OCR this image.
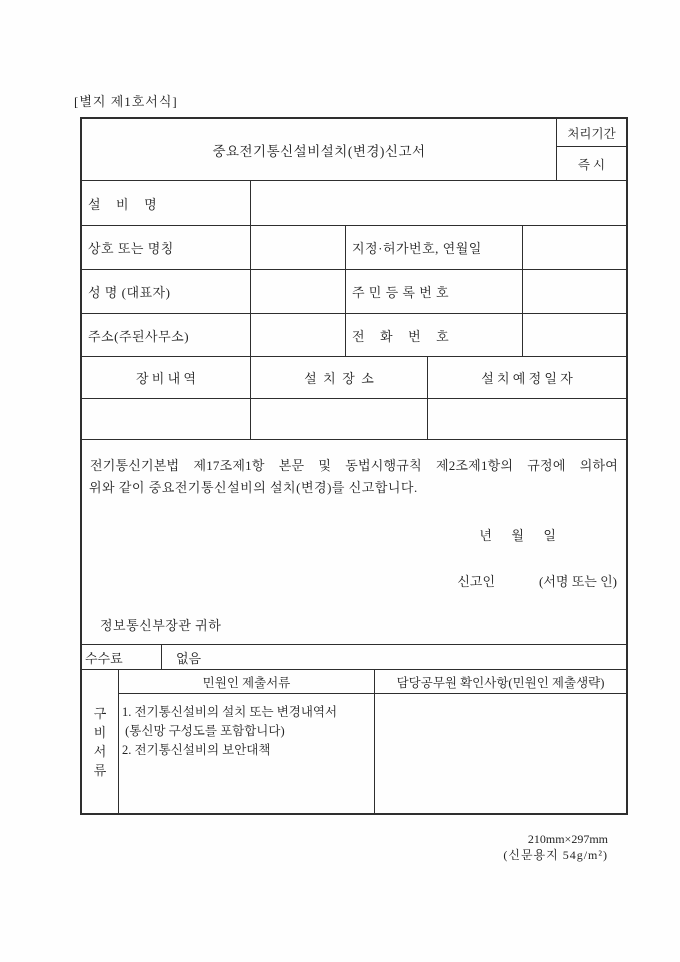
[별지 제1호서식]
중요전기통신설비설치(변경)신고서
처리기간
즉 시
설    비    명
상호 또는 명칭	지정·허가번호, 연월일
성 명 (대표자)	주 민 등 록 번 호
주소(주된사무소)	전    화    번    호
장 비 내 역	설  치  장  소	설 치 예 정 일 자
전기통신기본법 제17조제1항 본문 및 동법시행규칙 제2조제1항의 규정에 의하여
위와 같이 중요전기통신설비의 설치(변경)를 신고합니다.
년      월      일
신고인	(서명 또는 인)
정보통신부장관 귀하
수수료	없음
구비서류
민원인 제출서류	담당공무원 확인사항(민원인 제출생략)
1. 전기통신설비의 설치 또는 변경내역서
(통신망 구성도를 포함합니다)
2. 전기통신설비의 보안대책
210mm×297mm
(신문용지 54g/m²)
